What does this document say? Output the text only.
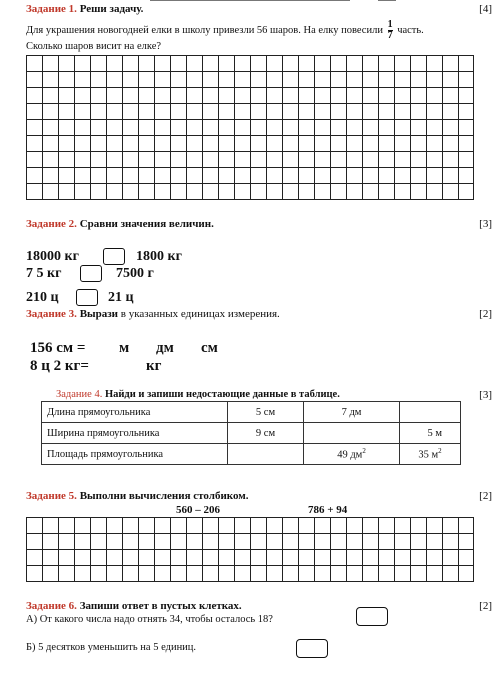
Задание 1. Реши задачу.	[4]
Для украшения новогодней елки в школу привезли 56 шаров. На елку повесили $\frac{1}{7}$ часть.
Сколько шаров висит на елке?
Задание 2. Сравни значения величин.	[3]
18000 кг	1800 кг
7 5 кг	7500 г
210 ц	21 ц
Задание 3. Вырази в указанных единицах измерения.	[2]
156 см = м дм см
8 ц 2 кг=	кг
Задание 4. Найди и запиши недостающие данные в таблице.	[3]
Длина прямоугольника	5 см	7 дм	
Ширина прямоугольника	9 см		5 м
Площадь прямоугольника		49 $дм^2$	35 $м^2$
Задание 5. Выполни вычисления столбиком.	[2]
560 – 206	786 + 94
Задание 6. Запиши ответ в пустых клетках.	[2]
А) От какого числа надо отнять 34, чтобы осталось 18?
Б) 5 десятков уменьшить на 5 единиц.
